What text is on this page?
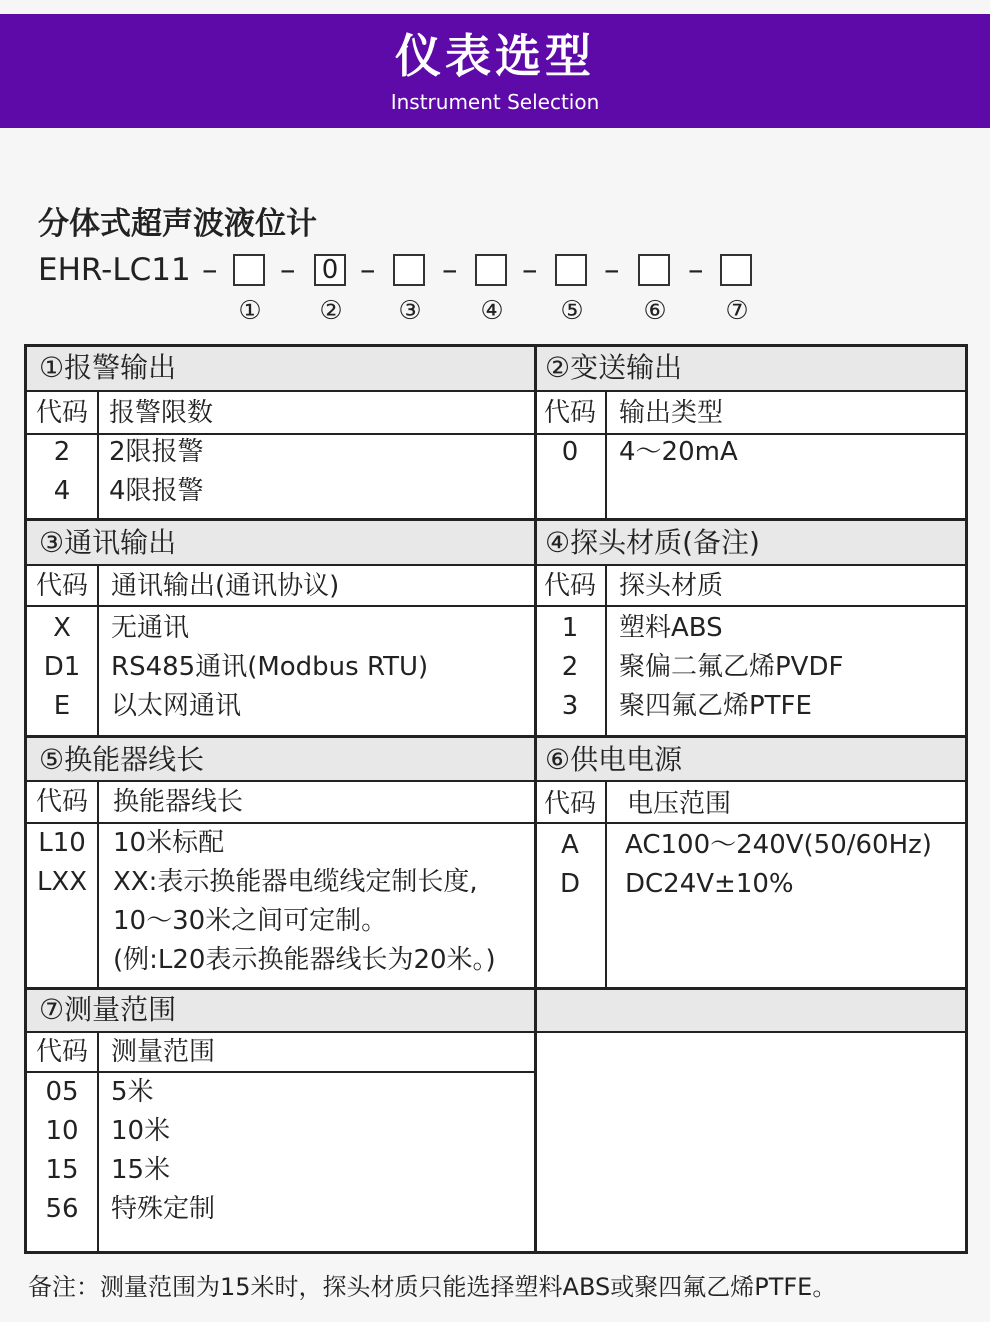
仪表选型
Instrument Selection
分体式超声波液位计
EHR-LC11 – – 0 – – – – –
① ② ③ ④ ⑤ ⑥ ⑦
①报警输出
代码 报警限数
2	2限报警
4	4限报警
②变送输出
代码 输出类型
0	4～20mA
③通讯输出
代码 通讯输出(通讯协议)
X	无通讯
D1	RS485通讯(Modbus RTU)
E	以太网通讯
④探头材质(备注)
代码 探头材质
1	塑料ABS
2	聚偏二氟乙烯PVDF
3	聚四氟乙烯PTFE
⑤换能器线长
代码 换能器线长
L10	10米标配
LXX XX:表示换能器电缆线定制长度,
10～30米之间可定制。
(例:L20表示换能器线长为20米。)
⑥供电电源
代码	电压范围
A	AC100～240V(50/60Hz)
D	DC24V±10%
⑦测量范围
代码 测量范围
05	5米
10	10米
15	15米
56	特殊定制
备注：测量范围为15米时，探头材质只能选择塑料ABS或聚四氟乙烯PTFE。
